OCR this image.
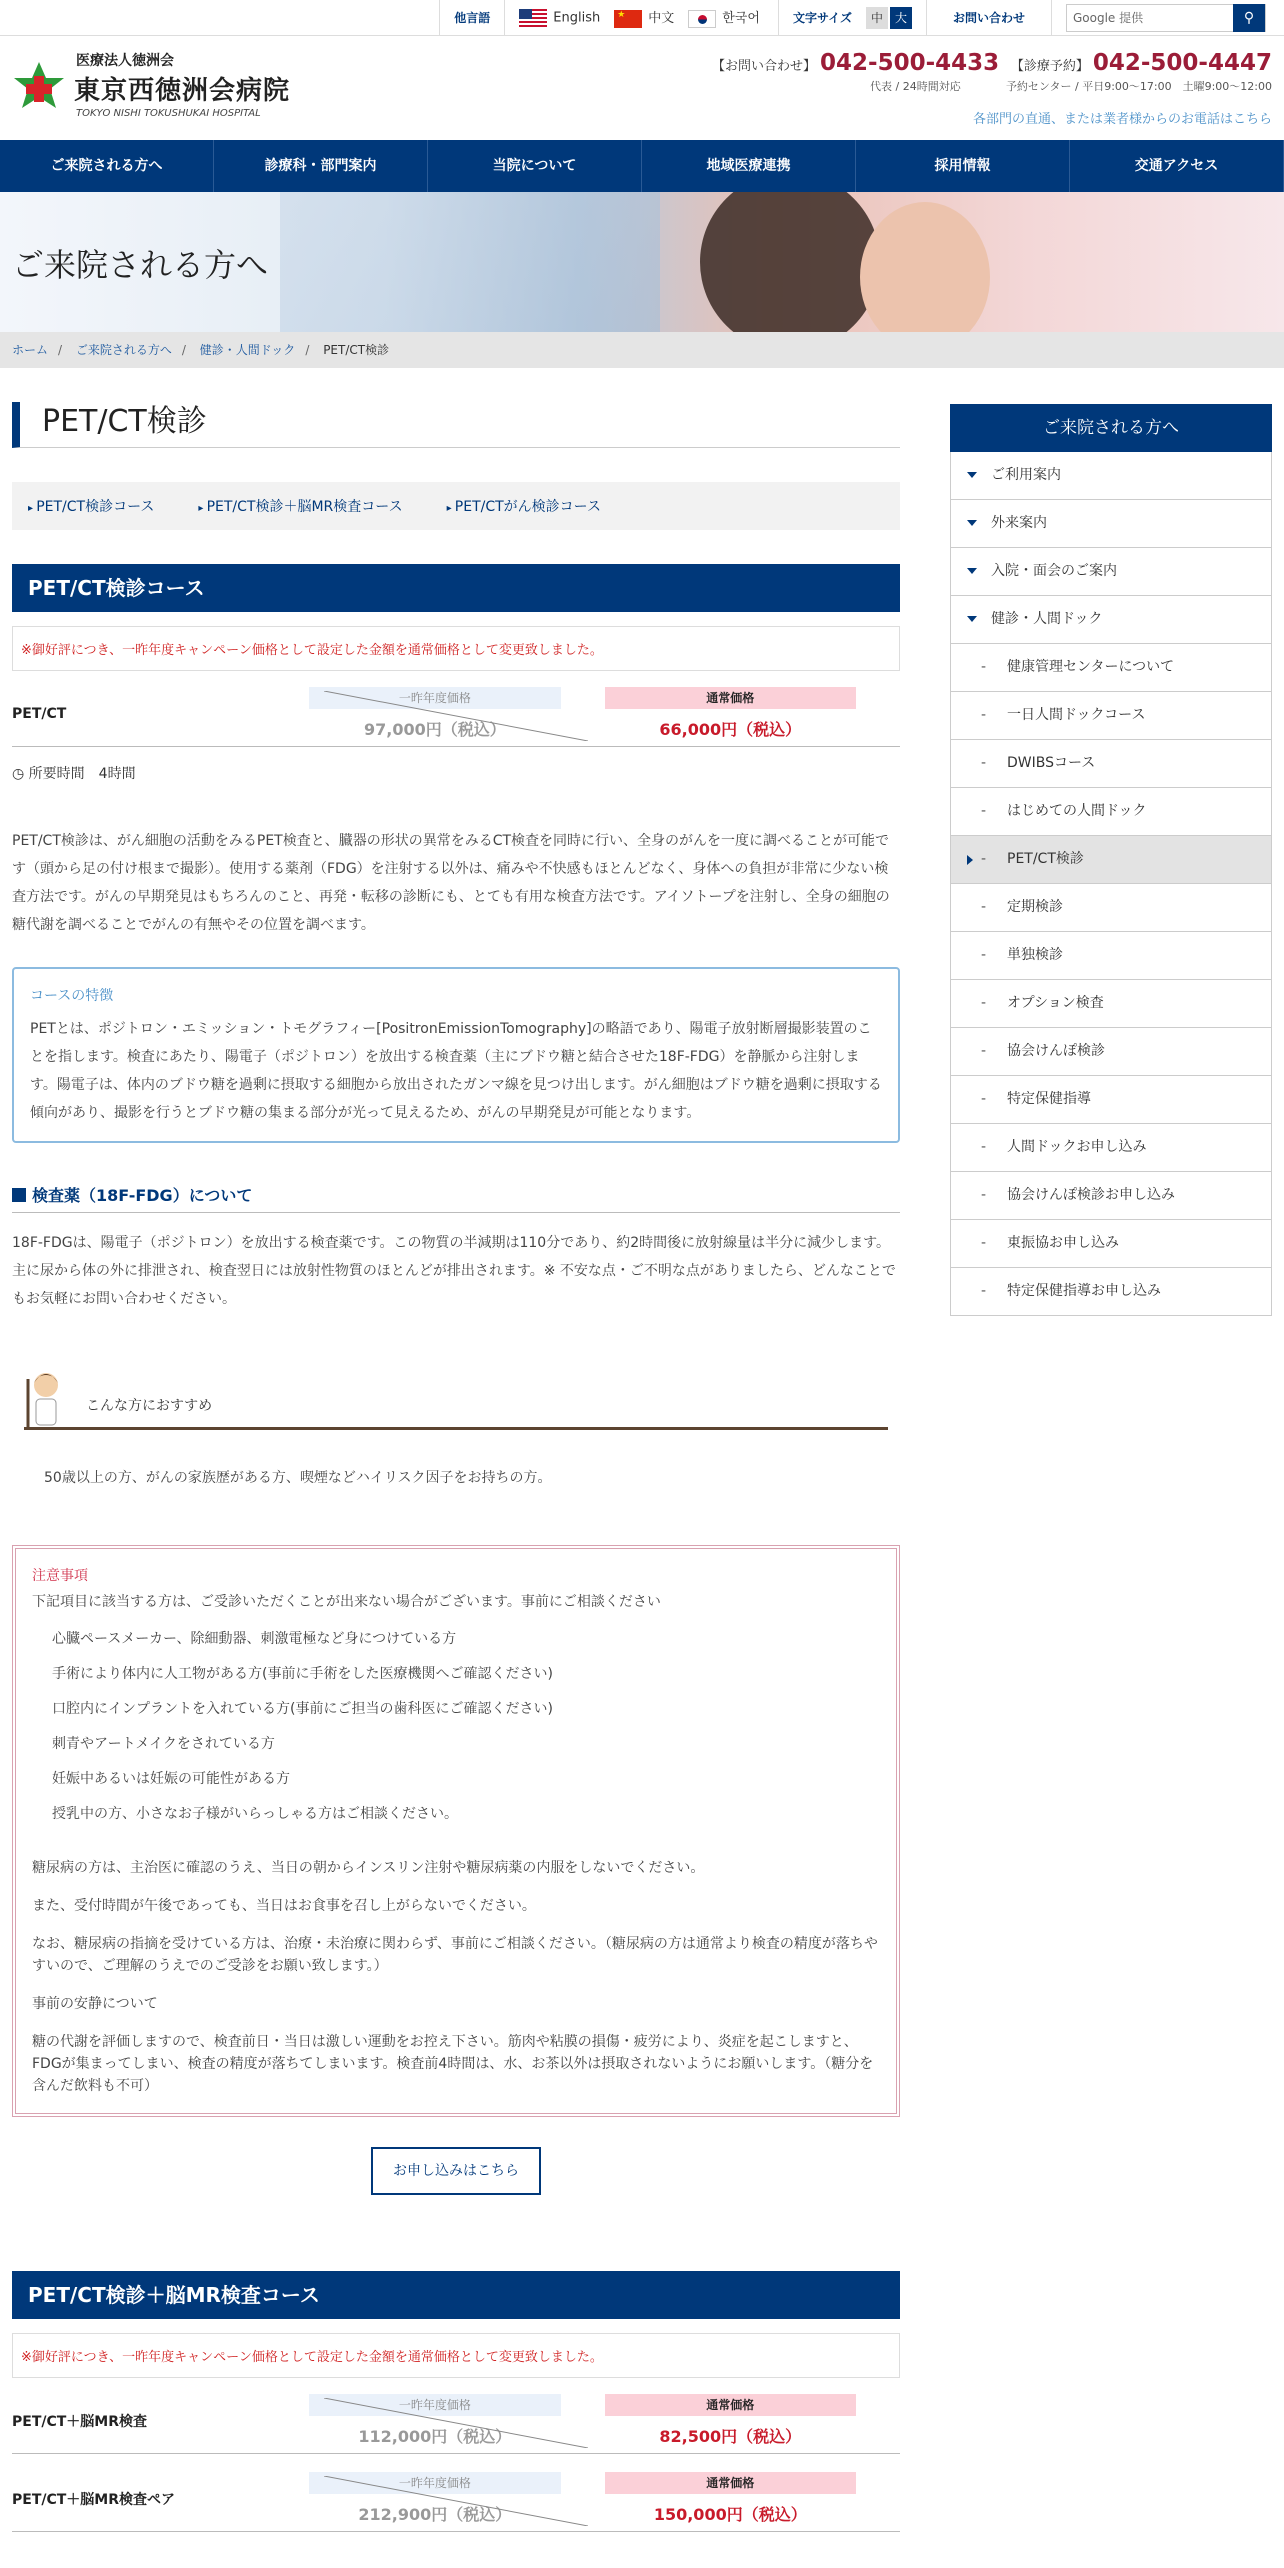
他言語	English	★ 中文	한국어	文字サイズ	中 大	お問い合わせ	Google 提供	⚲
医療法人徳洲会
東京西徳洲会病院
TOKYO NISHI TOKUSHUKAI HOSPITAL
【お問い合わせ】 042-500-4433
代表 / 24時間対応
【診療予約】 042-500-4447
予約センター / 平日9:00～17:00　土曜9:00～12:00
各部門の直通、または業者様からのお電話はこちら
ご来院される方へ	診療科・部門案内	当院について	地域医療連携	採用情報	交通アクセス
ご来院される方へ
ホーム / ご来院される方へ / 健診・人間ドック / PET/CT検診
PET/CT検診
▸ PET/CT検診コース	▸ PET/CT検診＋脳MR検査コース	▸ PET/CTがん検診コース
PET/CT検診コース
※御好評につき、一昨年度キャンペーン価格として設定した金額を通常価格として変更致しました。
PET/CT
一昨年度価格
97,000円（税込）
通常価格
66,000円（税込）
◷ 所要時間　4時間
PET/CT検診は、がん細胞の活動をみるPET検査と、臓器の形状の異常をみるCT検査を同時に行い、全身のがんを一度に調べることが可能です（頭から足の付け根まで撮影）。使用する薬剤（FDG）を注射する以外は、痛みや不快感もほとんどなく、身体への負担が非常に少ない検査方法です。がんの早期発見はもちろんのこと、再発・転移の診断にも、とても有用な検査方法です。アイソトープを注射し、全身の細胞の糖代謝を調べることでがんの有無やその位置を調べます。
コースの特徴

PETとは、ポジトロン・エミッション・トモグラフィー[PositronEmissionTomography]の略語であり、陽電子放射断層撮影装置のことを指します。検査にあたり、陽電子（ポジトロン）を放出する検査薬（主にブドウ糖と結合させた18F-FDG）を静脈から注射します。陽電子は、体内のブドウ糖を過剰に摂取する細胞から放出されたガンマ線を見つけ出します。がん細胞はブドウ糖を過剰に摂取する傾向があり、撮影を行うとブドウ糖の集まる部分が光って見えるため、がんの早期発見が可能となります。

検査薬（18F-FDG）について
18F-FDGは、陽電子（ポジトロン）を放出する検査薬です。この物質の半減期は110分であり、約2時間後に放射線量は半分に減少します。主に尿から体の外に排泄され、検査翌日には放射性物質のほとんどが排出されます。※ 不安な点・ご不明な点がありましたら、どんなことでもお気軽にお問い合わせください。
こんな方におすすめ
50歳以上の方、がんの家族歴がある方、喫煙などハイリスク因子をお持ちの方。
注意事項
下記項目に該当する方は、ご受診いただくことが出来ない場合がございます。事前にご相談ください
心臓ペースメーカー、除細動器、刺激電極など身につけている方
手術により体内に人工物がある方(事前に手術をした医療機関へご確認ください)
口腔内にインプラントを入れている方(事前にご担当の歯科医にご確認ください)
刺青やアートメイクをされている方
妊娠中あるいは妊娠の可能性がある方
授乳中の方、小さなお子様がいらっしゃる方はご相談ください。
糖尿病の方は、主治医に確認のうえ、当日の朝からインスリン注射や糖尿病薬の内服をしないでください。
また、受付時間が午後であっても、当日はお食事を召し上がらないでください。
なお、糖尿病の指摘を受けている方は、治療・未治療に関わらず、事前にご相談ください。（糖尿病の方は通常より検査の精度が落ちやすいので、ご理解のうえでのご受診をお願い致します。）
事前の安静について
糖の代謝を評価しますので、検査前日・当日は激しい運動をお控え下さい。筋肉や粘膜の損傷・疲労により、炎症を起こしますと、FDGが集まってしまい、検査の精度が落ちてしまいます。検査前4時間は、水、お茶以外は摂取されないようにお願いします。（糖分を含んだ飲料も不可）
お申し込みはこちら
PET/CT検診＋脳MR検査コース
※御好評につき、一昨年度キャンペーン価格として設定した金額を通常価格として変更致しました。
PET/CT＋脳MR検査
一昨年度価格
112,000円（税込）
通常価格
82,500円（税込）
PET/CT＋脳MR検査ペア
一昨年度価格
212,900円（税込）
通常価格
150,000円（税込）
ご来院される方へ
ご利用案内
外来案内
入院・面会のご案内
健診・人間ドック
- 健康管理センターについて
- 一日人間ドックコース
- DWIBSコース
- はじめての人間ドック
- PET/CT検診
- 定期検診
- 単独検診
- オプション検査
- 協会けんぽ検診
- 特定保健指導
- 人間ドックお申し込み
- 協会けんぽ検診お申し込み
- 東振協お申し込み
- 特定保健指導お申し込み
